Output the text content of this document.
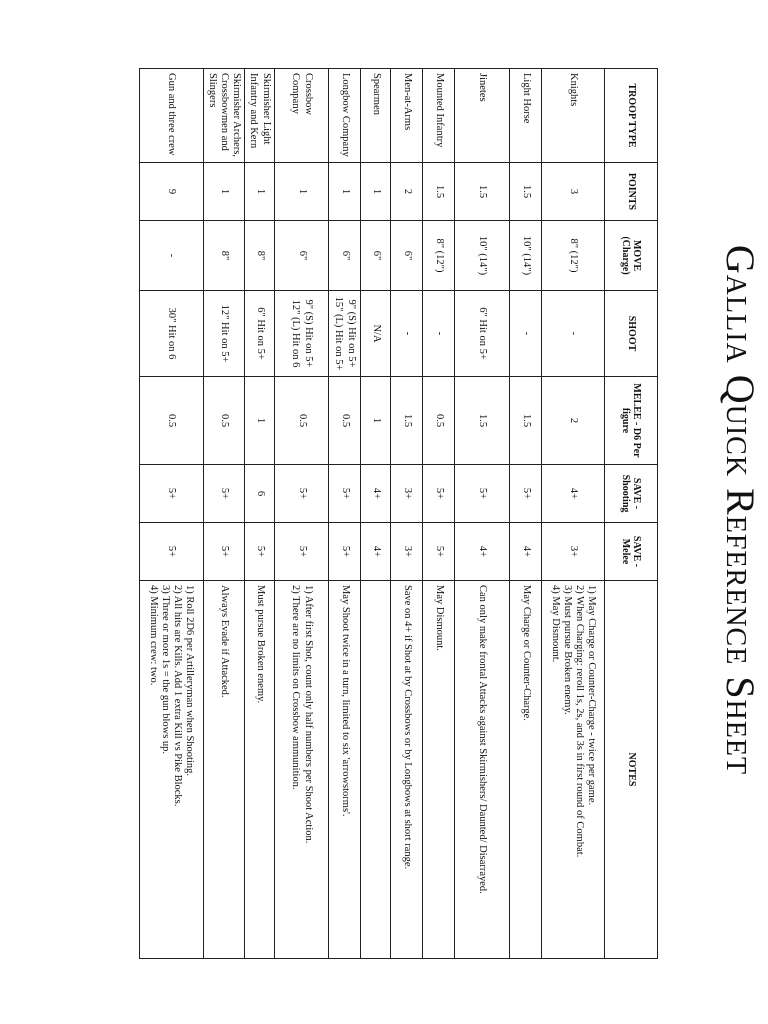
Gallia Quick Reference Sheet
TROOP TYPE	POINTS	MOVE (Charge)	SHOOT	MELEE - D6 Per figure	SAVE - Shooting	SAVE - Melee	NOTES
Knights	3	8" (12")	-	2	4+	3+	1) May Charge or Counter-Charge - twice per game.
2) When Charging: reroll 1s, 2s, and 3s in first round of Combat.
3) Must pursue Broken enemy.
4) May Dismount.

Light Horse	1.5	10" (14")	-	1.5	5+	4+	May Charge or Counter-Charge.

Jinetes	1.5	10" (14")	6" Hit on 5+	1.5	5+	4+	Can only make frontal Attacks against Skirmishers/ Daunted/ Disarrayed.

Mounted Infantry	1.5	8" (12")	-	0.5	5+	5+	May Dismount.

Men-at-Arms	2	6"	-	1.5	3+	3+	Save on 4+ if Shot at by Crossbows or by Longbows at short range.

Spearmen	1	6"	N/A	1	4+	4+	
Longbow Company	1	6"	9" (S) Hit on 5+
15" (L) Hit on 5+	0.5	5+	5+	May Shoot twice in a turn, limited to six 'arrowstorms'.

Crossbow Company	1	6"	9" (S) Hit on 5+
12" (L) Hit on 6	0.5	5+	5+	1) After first Shot, count only half numbers per Shoot Action.
2) There are no limits on Crossbow ammunition.

Skirmisher Light Infantry and Kern	1	8"	6" Hit on 5+	1	6	5+	Must pursue Broken enemy.

Skirmisher Archers, Crossbowmen and Slingers	1	8"	12" Hit on 5+	0.5	5+	5+	Always Evade if Attacked.

Gun and three crew	9	-	30" Hit on 6	0.5	5+	5+	1) Roll 2D6 per Artilleryman when Shooting.
2) All hits are Kills. Add 1 extra Kill vs Pike Blocks.
3) Three or more 1s = the gun blows up.
4) Minimum crew: two.
